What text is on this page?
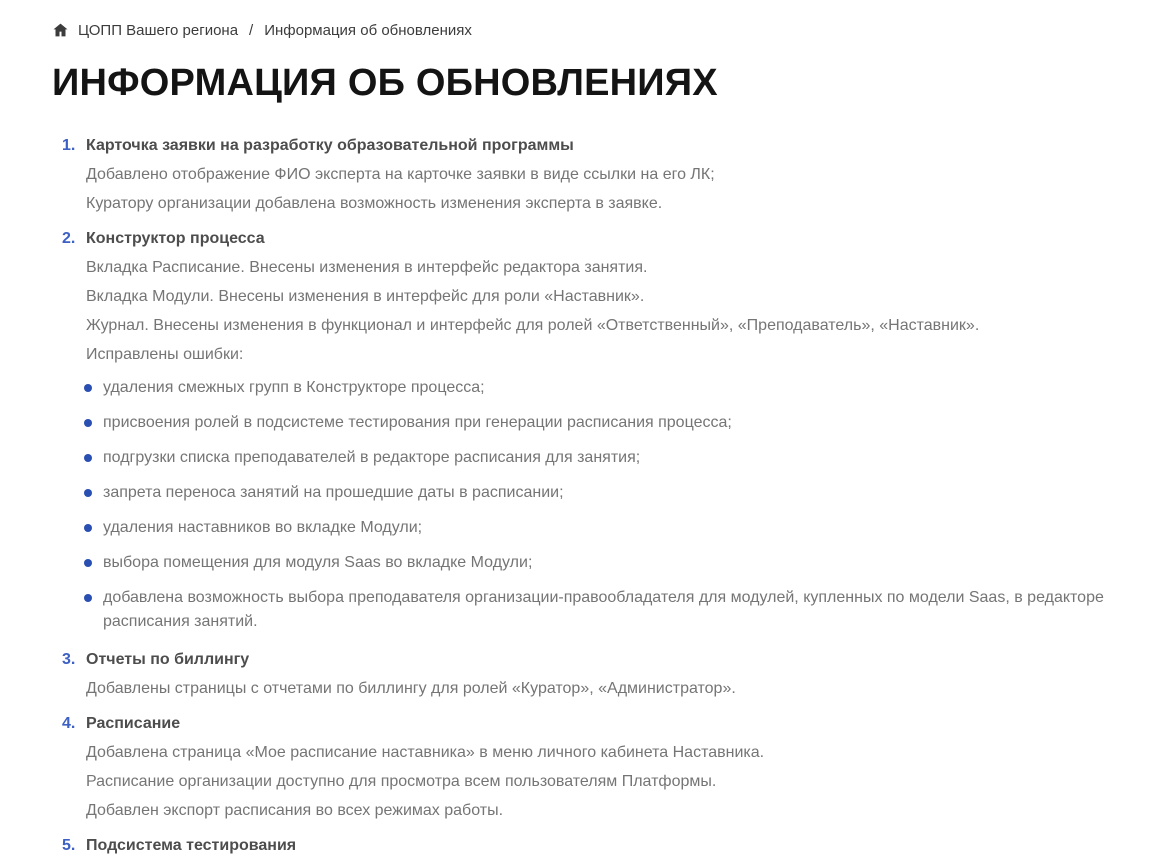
ЦОПП Вашего региона / Информация об обновлениях
ИНФОРМАЦИЯ ОБ ОБНОВЛЕНИЯХ
1. Карточка заявки на разработку образовательной программы
Добавлено отображение ФИО эксперта на карточке заявки в виде ссылки на его ЛК;
Куратору организации добавлена возможность изменения эксперта в заявке.
2. Конструктор процесса
Вкладка Расписание. Внесены изменения в интерфейс редактора занятия.
Вкладка Модули. Внесены изменения в интерфейс для роли «Наставник».
Журнал. Внесены изменения в функционал и интерфейс для ролей «Ответственный», «Преподаватель», «Наставник».
Исправлены ошибки:
удаления смежных групп в Конструкторе процесса;
присвоения ролей в подсистеме тестирования при генерации расписания процесса;
подгрузки списка преподавателей в редакторе расписания для занятия;
запрета переноса занятий на прошедшие даты в расписании;
удаления наставников во вкладке Модули;
выбора помещения для модуля Saas во вкладке Модули;
добавлена возможность выбора преподавателя организации-правообладателя для модулей, купленных по модели Saas, в редакторе расписания занятий.
3. Отчеты по биллингу
Добавлены страницы с отчетами по биллингу для ролей «Куратор», «Администратор».
4. Расписание
Добавлена страница «Мое расписание наставника» в меню личного кабинета Наставника.
Расписание организации доступно для просмотра всем пользователям Платформы.
Добавлен экспорт расписания во всех режимах работы.
5. Подсистема тестирования
